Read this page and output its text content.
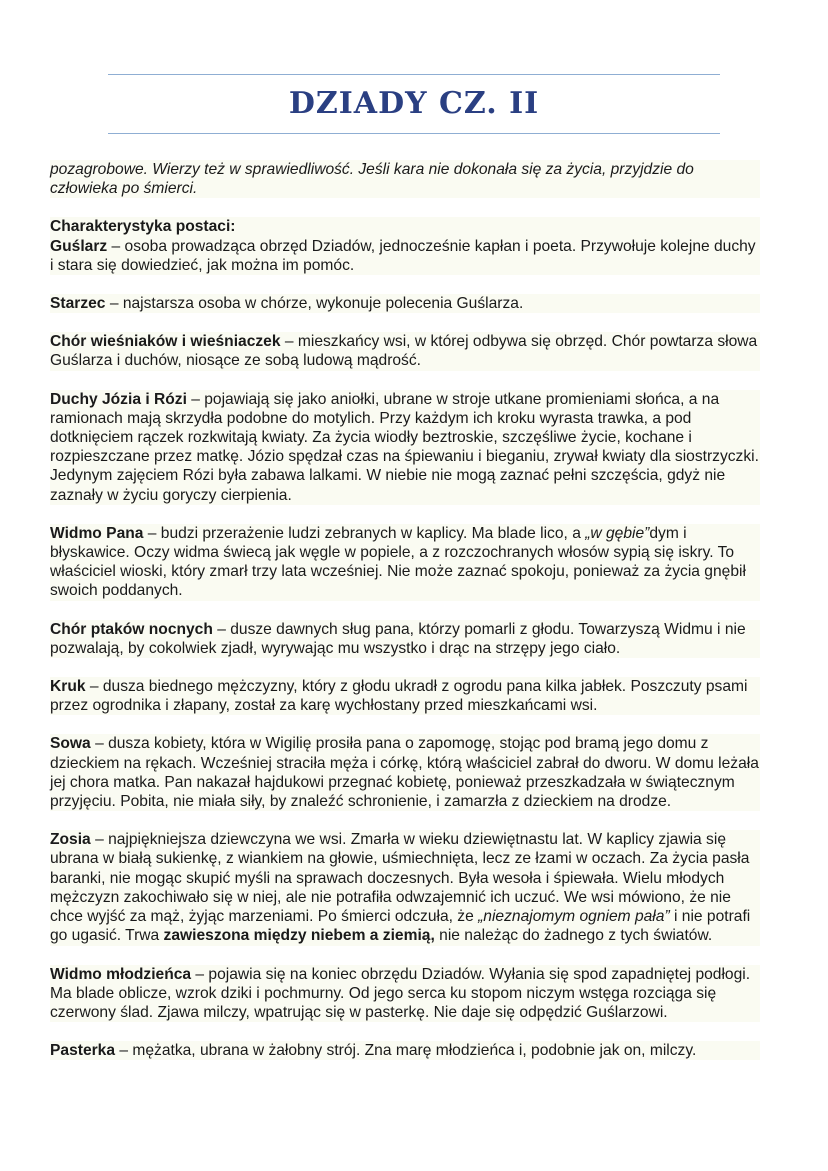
DZIADY CZ. II

pozagrobowe. Wierzy też w sprawiedliwość. Jeśli kara nie dokonała się za życia, przyjdzie do człowieka po śmierci.

Charakterystyka postaci:

Guślarz – osoba prowadząca obrzęd Dziadów, jednocześnie kapłan i poeta. Przywołuje kolejne duchy i stara się dowiedzieć, jak można im pomóc.

Starzec – najstarsza osoba w chórze, wykonuje polecenia Guślarza.

Chór wieśniaków i wieśniaczek – mieszkańcy wsi, w której odbywa się obrzęd. Chór powtarza słowa Guślarza i duchów, niosące ze sobą ludową mądrość.

Duchy Józia i Rózi – pojawiają się jako aniołki, ubrane w stroje utkane promieniami słońca, a na ramionach mają skrzydła podobne do motylich. Przy każdym ich kroku wyrasta trawka, a pod dotknięciem rączek rozkwitają kwiaty. Za życia wiodły beztroskie, szczęśliwe życie, kochane i rozpieszczane przez matkę. Józio spędzał czas na śpiewaniu i bieganiu, zrywał kwiaty dla siostrzyczki. Jedynym zajęciem Rózi była zabawa lalkami. W niebie nie mogą zaznać pełni szczęścia, gdyż nie zaznały w życiu goryczy cierpienia.

Widmo Pana – budzi przerażenie ludzi zebranych w kaplicy. Ma blade lico, a „w gębie”dym i błyskawice. Oczy widma świecą jak węgle w popiele, a z rozczochranych włosów sypią się iskry. To właściciel wioski, który zmarł trzy lata wcześniej. Nie może zaznać spokoju, ponieważ za życia gnębił swoich poddanych.

Chór ptaków nocnych – dusze dawnych sług pana, którzy pomarli z głodu. Towarzyszą Widmu i nie pozwalają, by cokolwiek zjadł, wyrywając mu wszystko i drąc na strzępy jego ciało.

Kruk – dusza biednego mężczyzny, który z głodu ukradł z ogrodu pana kilka jabłek. Poszczuty psami przez ogrodnika i złapany, został za karę wychłostany przed mieszkańcami wsi.

Sowa – dusza kobiety, która w Wigilię prosiła pana o zapomogę, stojąc pod bramą jego domu z dzieckiem na rękach. Wcześniej straciła męża i córkę, którą właściciel zabrał do dworu. W domu leżała jej chora matka. Pan nakazał hajdukowi przegnać kobietę, ponieważ przeszkadzała w świątecznym przyjęciu. Pobita, nie miała siły, by znaleźć schronienie, i zamarzła z dzieckiem na drodze.

Zosia – najpiękniejsza dziewczyna we wsi. Zmarła w wieku dziewiętnastu lat. W kaplicy zjawia się ubrana w białą sukienkę, z wiankiem na głowie, uśmiechnięta, lecz ze łzami w oczach. Za życia pasła baranki, nie mogąc skupić myśli na sprawach doczesnych. Była wesoła i śpiewała. Wielu młodych mężczyzn zakochiwało się w niej, ale nie potrafiła odwzajemnić ich uczuć. We wsi mówiono, że nie chce wyjść za mąż, żyjąc marzeniami. Po śmierci odczuła, że „nieznajomym ogniem pała” i nie potrafi go ugasić. Trwa zawieszona między niebem a ziemią, nie należąc do żadnego z tych światów.

Widmo młodzieńca – pojawia się na koniec obrzędu Dziadów. Wyłania się spod zapadniętej podłogi. Ma blade oblicze, wzrok dziki i pochmurny. Od jego serca ku stopom niczym wstęga rozciąga się czerwony ślad. Zjawa milczy, wpatrując się w pasterkę. Nie daje się odpędzić Guślarzowi.

Pasterka – mężatka, ubrana w żałobny strój. Zna marę młodzieńca i, podobnie jak on, milczy.
